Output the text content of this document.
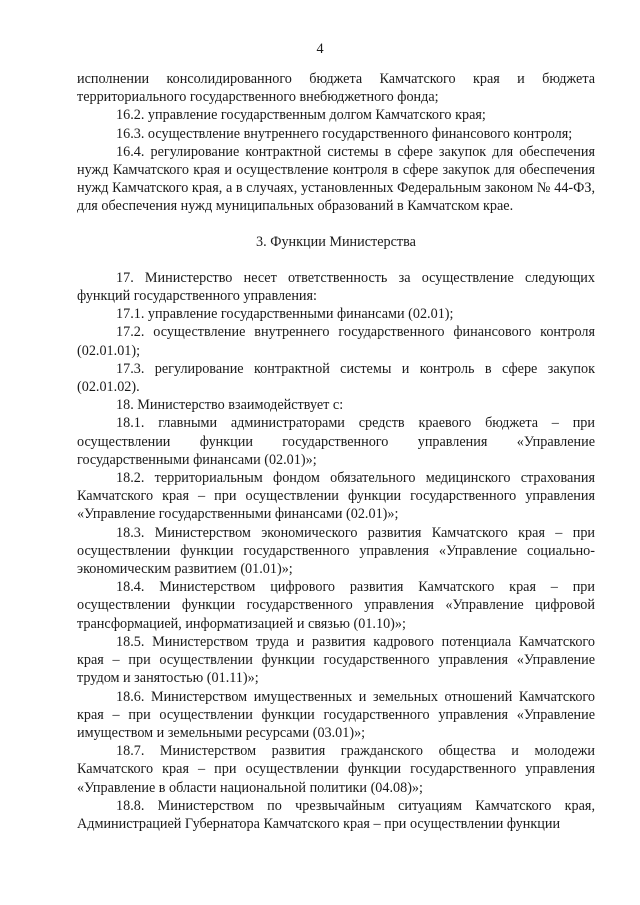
4

исполнении консолидированного бюджета Камчатского края и бюджета территориального государственного внебюджетного фонда;

16.2. управление государственным долгом Камчатского края;

16.3. осуществление внутреннего государственного финансового контроля;

16.4. регулирование контрактной системы в сфере закупок для обеспечения нужд Камчатского края и осуществление контроля в сфере закупок для обеспечения нужд Камчатского края, а в случаях, установленных Федеральным законом № 44-ФЗ, для обеспечения нужд муниципальных образований в Камчатском крае.

3. Функции Министерства

17. Министерство несет ответственность за осуществление следующих функций государственного управления:

17.1. управление государственными финансами (02.01);

17.2. осуществление внутреннего государственного финансового контроля (02.01.01);

17.3. регулирование контрактной системы и контроль в сфере закупок (02.01.02).

18. Министерство взаимодействует с:

18.1. главными администраторами средств краевого бюджета – при осуществлении функции государственного управления «Управление государственными финансами (02.01)»;

18.2. территориальным фондом обязательного медицинского страхования Камчатского края – при осуществлении функции государственного управления «Управление государственными финансами (02.01)»;

18.3. Министерством экономического развития Камчатского края – при осуществлении функции государственного управления «Управление социально-экономическим развитием (01.01)»;

18.4. Министерством цифрового развития Камчатского края – при осуществлении функции государственного управления «Управление цифровой трансформацией, информатизацией и связью (01.10)»;

18.5. Министерством труда и развития кадрового потенциала Камчатского края – при осуществлении функции государственного управления «Управление трудом и занятостью (01.11)»;

18.6. Министерством имущественных и земельных отношений Камчатского края – при осуществлении функции государственного управления «Управление имуществом и земельными ресурсами (03.01)»;

18.7. Министерством развития гражданского общества и молодежи Камчатского края – при осуществлении функции государственного управления «Управление в области национальной политики (04.08)»;

18.8. Министерством по чрезвычайным ситуациям Камчатского края, Администрацией Губернатора Камчатского края – при осуществлении функции
